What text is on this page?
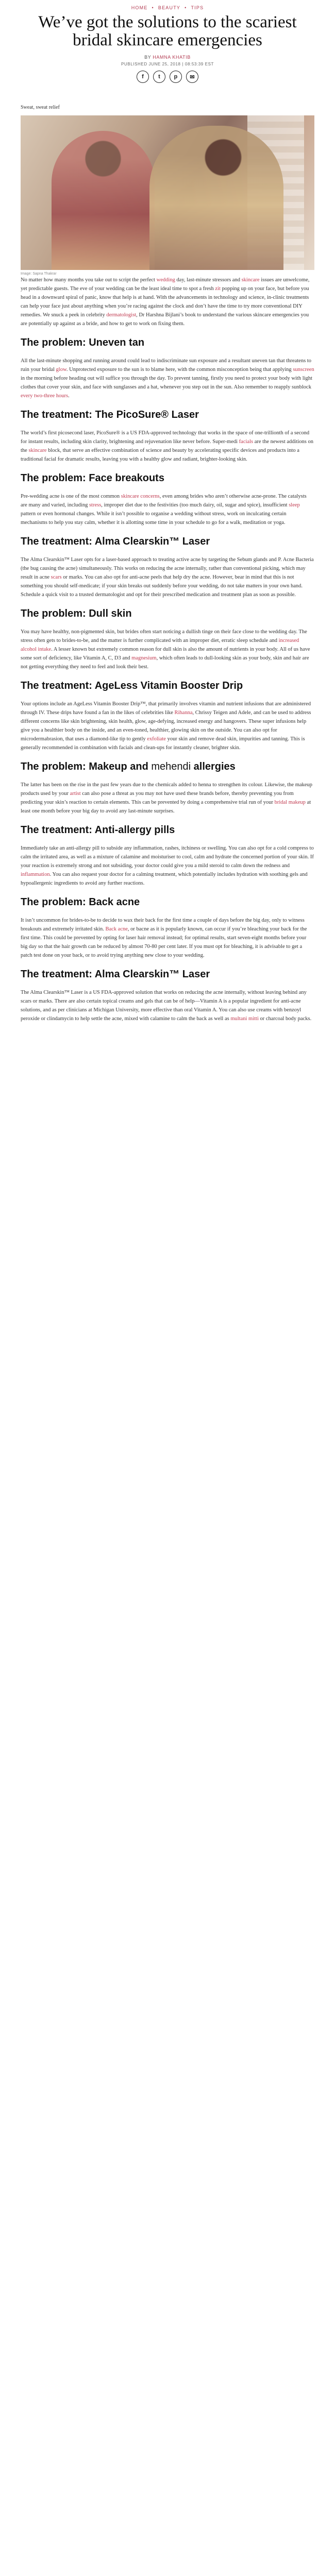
HOME • BEAUTY • TIPS
We’ve got the solutions to the scariest bridal skincare emergencies
BY HAMNA KHATIB
PUBLISHED JUNE 25, 2018 | 08:53:39 EST
f	t	p	✉
Sweat, sweat relief
Image: Sapna Thakrar

No matter how many months you take out to script the perfect wedding day, last-minute stressors and skincare issues are unwelcome, yet predictable guests. The eve of your wedding can be the least ideal time to spot a fresh zit popping up on your face, but before you head in a downward spiral of panic, know that help is at hand. With the advancements in technology and science, in-clinic treatments can help your face just about anything when you’re racing against the clock and don’t have the time to try more conventional DIY remedies. We snuck a peek in celebrity dermatologist, Dr Harshna Bijlani’s book to understand the various skincare emergencies you are potentially up against as a bride, and how to get to work on fixing them.

The problem: Uneven tan

All the last-minute shopping and running around could lead to indiscriminate sun exposure and a resultant uneven tan that threatens to ruin your bridal glow. Unprotected exposure to the sun is to blame here, with the common misconception being that applying sunscreen in the morning before heading out will suffice you through the day. To prevent tanning, firstly you need to protect your body with light clothes that cover your skin, and face with sunglasses and a hat, whenever you step out in the sun. Also remember to reapply sunblock every two-three hours.

The treatment: The PicoSure® Laser

The world’s first picosecond laser, PicoSure® is a US FDA-approved technology that works in the space of one-trillionth of a second for instant results, including skin clarity, brightening and rejuvenation like never before. Super-medi facials are the newest additions on the skincare block, that serve an effective combination of science and beauty by accelerating specific devices and products into a traditional facial for dramatic results, leaving you with a healthy glow and radiant, brighter-looking skin.

The problem: Face breakouts

Pre-wedding acne is one of the most common skincare concerns, even among brides who aren’t otherwise acne-prone. The catalysts are many and varied, including stress, improper diet due to the festivities (too much dairy, oil, sugar and spice), insufficient sleep pattern or even hormonal changes. While it isn’t possible to organise a wedding without stress, work on inculcating certain mechanisms to help you stay calm, whether it is allotting some time in your schedule to go for a walk, meditation or yoga.

The treatment: Alma Clearskin™ Laser

The Alma Clearskin™ Laser opts for a laser-based approach to treating active acne by targeting the Sebum glands and P. Acne Bacteria (the bug causing the acne) simultaneously. This works on reducing the acne internally, rather than conventional picking, which may result in acne scars or marks. You can also opt for anti-acne peels that help dry the acne. However, bear in mind that this is not something you should self-medicate; if your skin breaks out suddenly before your wedding, do not take matters in your own hand. Schedule a quick visit to a trusted dermatologist and opt for their prescribed medication and treatment plan as soon as possible.

The problem: Dull skin

You may have healthy, non-pigmented skin, but brides often start noticing a dullish tinge on their face close to the wedding day. The stress often gets to brides-to-be, and the matter is further complicated with an improper diet, erratic sleep schedule and increased alcohol intake. A lesser known but extremely common reason for dull skin is also the amount of nutrients in your body. All of us have some sort of deficiency, like Vitamin A, C, D3 and magnesium, which often leads to dull-looking skin as your body, skin and hair are not getting everything they need to feel and look their best.

The treatment: AgeLess Vitamin Booster Drip

Your options include an AgeLess Vitamin Booster Drip™, that primarily involves vitamin and nutrient infusions that are administered through IV. These drips have found a fan in the likes of celebrities like Rihanna, Chrissy Teigen and Adele, and can be used to address different concerns like skin brightening, skin health, glow, age-defying, increased energy and hangovers. These super infusions help give you a healthier body on the inside, and an even-toned, healthier, glowing skin on the outside. You can also opt for microdermabrasion, that uses a diamond-like tip to gently exfoliate your skin and remove dead skin, impurities and tanning. This is generally recommended in combination with facials and clean-ups for instantly cleaner, brighter skin.

The problem: Makeup and mehendi allergies

The latter has been on the rise in the past few years due to the chemicals added to henna to strengthen its colour. Likewise, the makeup products used by your artist can also pose a threat as you may not have used these brands before, thereby preventing you from predicting your skin’s reaction to certain elements. This can be prevented by doing a comprehensive trial run of your bridal makeup at least one month before your big day to avoid any last-minute surprises.

The treatment: Anti-allergy pills

Immediately take an anti-allergy pill to subside any inflammation, rashes, itchiness or swelling. You can also opt for a cold compress to calm the irritated area, as well as a mixture of calamine and moisturiser to cool, calm and hydrate the concerned portion of your skin. If your reaction is extremely strong and not subsiding, your doctor could give you a mild steroid to calm down the redness and inflammation. You can also request your doctor for a calming treatment, which potentially includes hydration with soothing gels and hypoallergenic ingredients to avoid any further reactions.

The problem: Back acne

It isn’t uncommon for brides-to-be to decide to wax their back for the first time a couple of days before the big day, only to witness breakouts and extremely irritated skin. Back acne, or bacne as it is popularly known, can occur if you’re bleaching your back for the first time. This could be prevented by opting for laser hair removal instead; for optimal results, start seven-eight months before your big day so that the hair growth can be reduced by almost 70-80 per cent later. If you must opt for bleaching, it is advisable to get a patch test done on your back, or to avoid trying anything new close to your wedding.

The treatment: Alma Clearskin™ Laser

The Alma Clearskin™ Laser is a US FDA-approved solution that works on reducing the acne internally, without leaving behind any scars or marks. There are also certain topical creams and gels that can be of help—Vitamin A is a popular ingredient for anti-acne solutions, and as per clinicians at Michigan University, more effective than oral Vitamin A. You can also use creams with benzoyl peroxide or clindamycin to help settle the acne, mixed with calamine to calm the back as well as multani mitti or charcoal body packs.
